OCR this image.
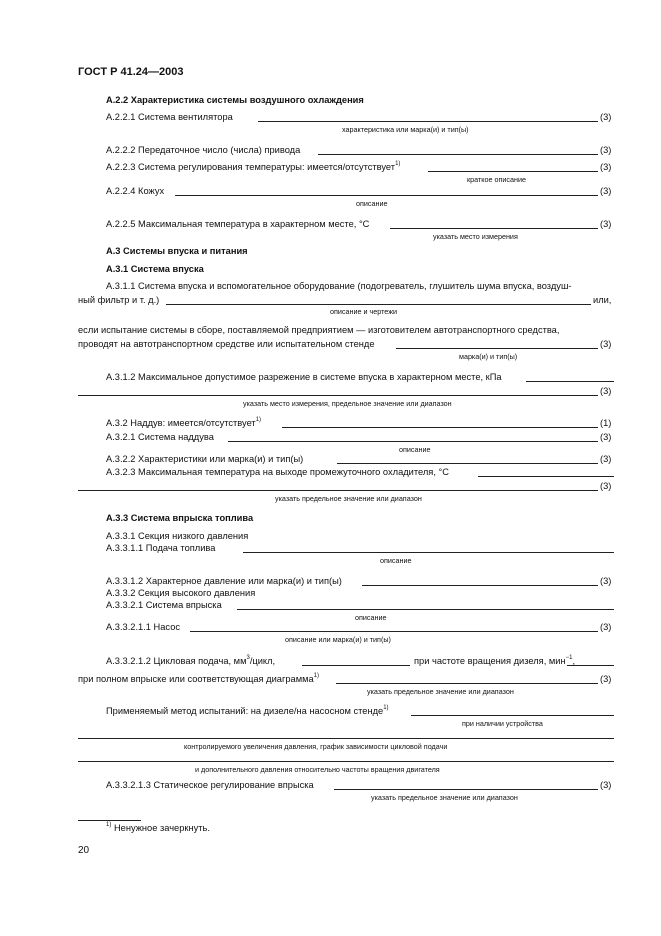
ГОСТ Р 41.24—2003
А.2.2 Характеристика системы воздушного охлаждения
А.2.2.1 Система вентилятора	(3)
характеристика или марка(и) и тип(ы)
А.2.2.2 Передаточное число (числа) привода	(3)
А.2.2.3 Система регулирования температуры: имеется/отсутствует$^{1)}$	(3)
краткое описание
А.2.2.4 Кожух	(3)
описание
А.2.2.5 Максимальная температура в характерном месте, °С	(3)
указать место измерения
А.3 Системы впуска и питания
А.3.1 Система впуска
А.3.1.1 Система впуска и вспомогательное оборудование (подогреватель, глушитель шума впуска, воздуш-
ный фильтр и т. д.)	или,
описание и чертежи
если испытание системы в сборе, поставляемой предприятием — изготовителем автотранспортного средства,
проводят на автотранспортном средстве или испытательном стенде	(3)
марка(и) и тип(ы)
А.3.1.2 Максимальное допустимое разрежение в системе впуска в характерном месте, кПа
(3)
указать место измерения, предельное значение или диапазон
А.3.2 Наддув: имеется/отсутствует$^{1)}$	(1)
А.3.2.1 Система наддува	(3)
описание
А.3.2.2 Характеристики или марка(и) и тип(ы)	(3)
А.3.2.3 Максимальная температура на выходе промежуточного охладителя, °С
(3)
указать предельное значение или диапазон
А.3.3 Система впрыска топлива
А.3.3.1 Секция низкого давления
А.3.3.1.1 Подача топлива
описание
А.3.3.1.2 Характерное давление или марка(и) и тип(ы)	(3)
А.3.3.2 Секция высокого давления
А.3.3.2.1 Система впрыска
описание
А.3.3.2.1.1 Насос	(3)
описание или марка(и) и тип(ы)
А.3.3.2.1.2 Цикловая подача, $мм^3$/цикл,	при частоте вращения дизеля, мин$^{-1}$,
при полном впрыске или соответствующая диаграмма$^{1)}$	(3)
указать предельное значение или диапазон
Применяемый метод испытаний: на дизеле/на насосном стенде$^{1)}$
при наличии устройства
контролируемого увеличения давления, график зависимости цикловой подачи
и дополнительного давления относительно частоты вращения двигателя
А.3.3.2.1.3 Статическое регулирование впрыска	(3)
указать предельное значение или диапазон
$^{1)}$ Ненужное зачеркнуть.
20
